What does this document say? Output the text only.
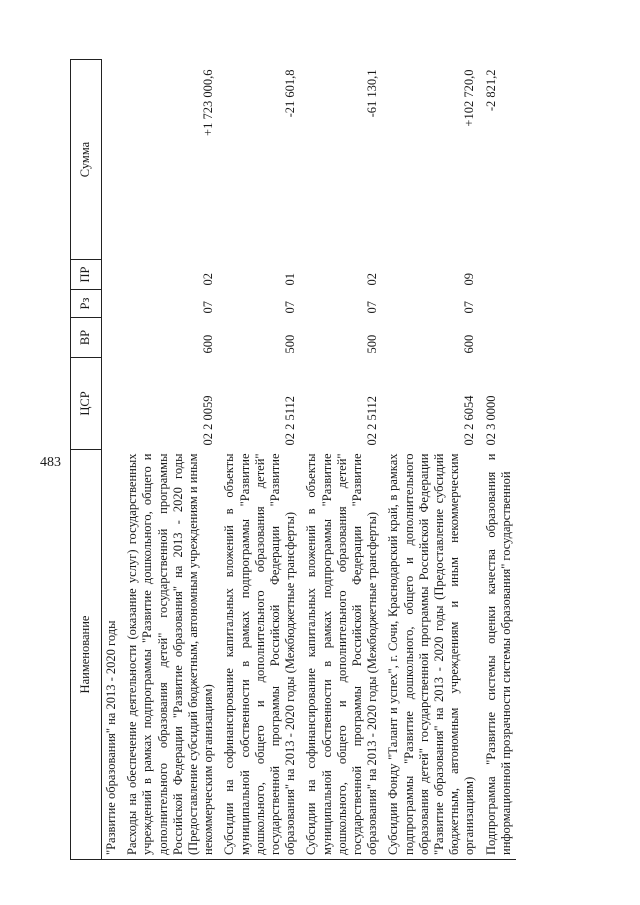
483
Наименование	ЦСР	ВР	Рз	ПР	Сумма
"Развитие образования" на 2013 - 2020 годы					
Расходы на обеспечение деятельности (оказание услуг) государственных учреждений в рамках подпрограммы "Развитие дошкольного, общего и дополнительного образования детей" государственной программы Российской Федерации "Развитие образования" на 2013 - 2020 годы (Предоставление субсидий бюджетным, автономным учреждениям и иным некоммерческим организациям)	02 2 0059	600	07	02	+1 723 000,6
Субсидии на софинансирование капитальных вложений в объекты муниципальной собственности в рамках подпрограммы "Развитие дошкольного, общего и дополнительного образования детей" государственной программы Российской Федерации "Развитие образования" на 2013 - 2020 годы (Межбюджетные трансферты)	02 2 5112	500	07	01	-21 601,8
Субсидии на софинансирование капитальных вложений в объекты муниципальной собственности в рамках подпрограммы "Развитие дошкольного, общего и дополнительного образования детей" государственной программы Российской Федерации "Развитие образования" на 2013 - 2020 годы (Межбюджетные трансферты)	02 2 5112	500	07	02	-61 130,1
Субсидии Фонду "Талант и успех", г. Сочи, Краснодарский край, в рамках подпрограммы "Развитие дошкольного, общего и дополнительного образования детей" государственной программы Российской Федерации "Развитие образования" на 2013 - 2020 годы (Предоставление субсидий бюджетным, автономным учреждениям и иным некоммерческим организациям)	02 2 6054	600	07	09	+102 720,0
Подпрограмма "Развитие системы оценки качества образования и информационной прозрачности системы образования" государственной	02 3 0000				-2 821,2
